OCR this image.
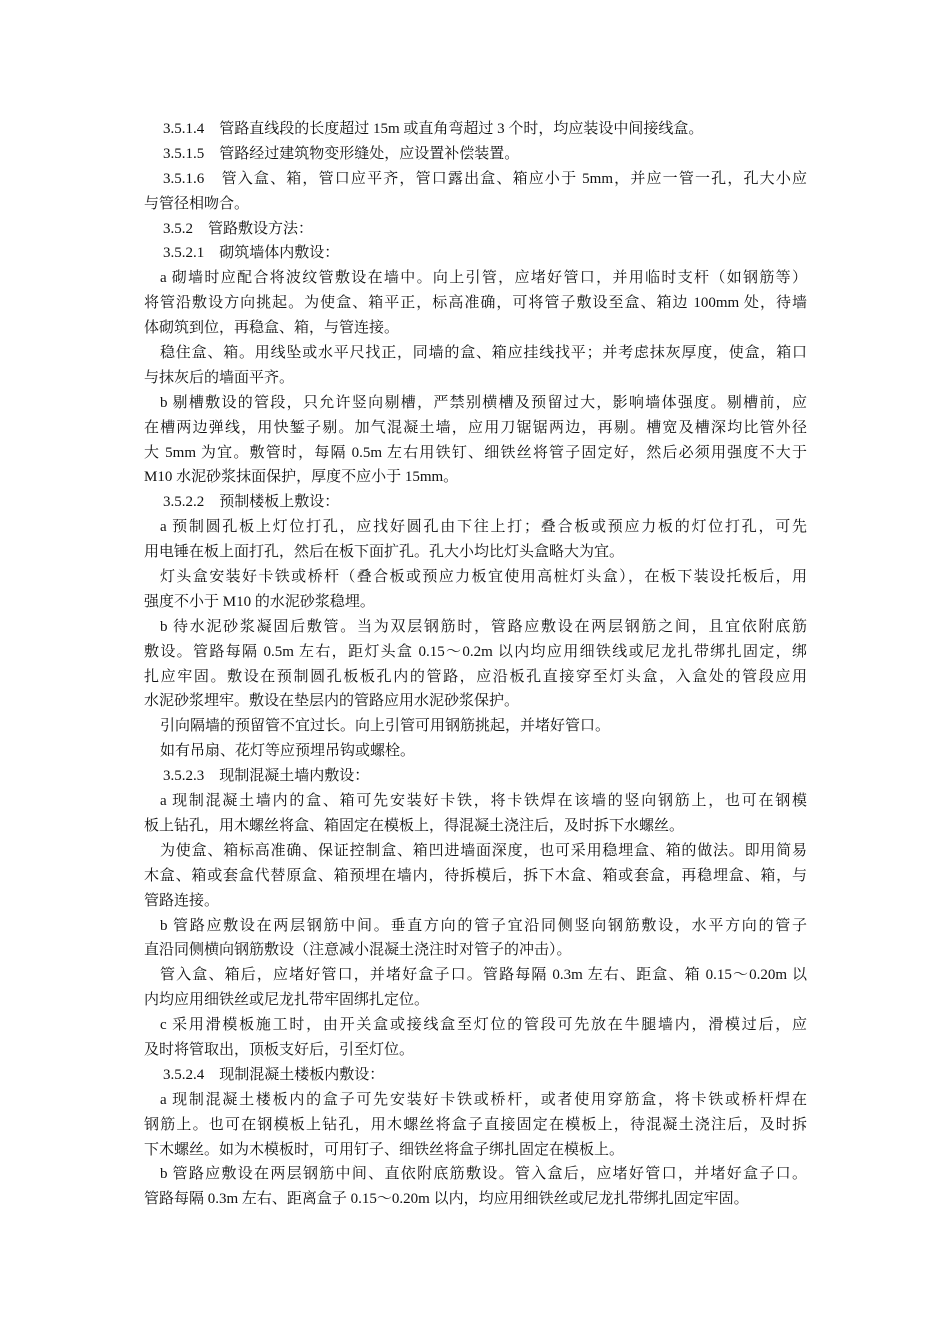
3.5.1.4　管路直线段的长度超过 15m 或直角弯超过 3 个时，均应装设中间接线盒。
3.5.1.5　管路经过建筑物变形缝处，应设置补偿装置。
3.5.1.6　管入盒、箱，管口应平齐，管口露出盒、箱应小于 5mm，并应一管一孔，孔大小应
与管径相吻合。
3.5.2　管路敷设方法：
3.5.2.1　砌筑墙体内敷设：
a 砌墙时应配合将波纹管敷设在墙中。向上引管，应堵好管口，并用临时支杆（如钢筋等）
将管沿敷设方向挑起。为使盒、箱平正，标高准确，可将管子敷设至盒、箱边 100mm 处，待墙
体砌筑到位，再稳盒、箱，与管连接。
稳住盒、箱。用线坠或水平尺找正，同墙的盒、箱应挂线找平；并考虑抹灰厚度，使盒，箱口
与抹灰后的墙面平齐。
b 剔槽敷设的管段，只允许竖向剔槽，严禁别横槽及预留过大，影响墙体强度。剔槽前，应
在槽两边弹线，用快錾子剔。加气混凝土墙，应用刀锯锯两边，再剔。槽宽及槽深均比管外径
大 5mm 为宜。敷管时，每隔 0.5m 左右用铁钉、细铁丝将管子固定好，然后必须用强度不大于
M10 水泥砂浆抹面保护，厚度不应小于 15mm。
3.5.2.2　预制楼板上敷设：
a 预制圆孔板上灯位打孔，应找好圆孔由下往上打；叠合板或预应力板的灯位打孔，可先
用电锤在板上面打孔，然后在板下面扩孔。孔大小均比灯头盒略大为宜。
灯头盒安装好卡铁或桥杆（叠合板或预应力板宜使用高桩灯头盒），在板下装设托板后，用
强度不小于 M10 的水泥砂浆稳埋。
b 待水泥砂浆凝固后敷管。当为双层钢筋时，管路应敷设在两层钢筋之间，且宜依附底筋
敷设。管路每隔 0.5m 左右，距灯头盒 0.15～0.2m 以内均应用细铁线或尼龙扎带绑扎固定，绑
扎应牢固。敷设在预制圆孔板板孔内的管路，应沿板孔直接穿至灯头盒，入盒处的管段应用
水泥砂浆埋牢。敷设在垫层内的管路应用水泥砂浆保护。
引向隔墙的预留管不宜过长。向上引管可用钢筋挑起，并堵好管口。
如有吊扇、花灯等应预埋吊钩或螺栓。
3.5.2.3　现制混凝土墙内敷设：
a 现制混凝土墙内的盒、箱可先安装好卡铁，将卡铁焊在该墙的竖向钢筋上，也可在钢模
板上钻孔，用木螺丝将盒、箱固定在模板上，得混凝土浇注后，及时拆下水螺丝。
为使盒、箱标高准确、保证控制盒、箱凹进墙面深度，也可采用稳埋盒、箱的做法。即用简易
木盒、箱或套盒代替原盒、箱预埋在墙内，待拆模后，拆下木盒、箱或套盒，再稳埋盒、箱，与
管路连接。
b 管路应敷设在两层钢筋中间。垂直方向的管子宜沿同侧竖向钢筋敷设，水平方向的管子
直沿同侧横向钢筋敷设（注意减小混凝土浇注时对管子的冲击）。
管入盒、箱后，应堵好管口，并堵好盒子口。管路每隔 0.3m 左右、距盒、箱 0.15～0.20m 以
内均应用细铁丝或尼龙扎带牢固绑扎定位。
c 采用滑模板施工时，由开关盒或接线盒至灯位的管段可先放在牛腿墙内，滑模过后，应
及时将管取出，顶板支好后，引至灯位。
3.5.2.4　现制混凝土楼板内敷设：
a 现制混凝土楼板内的盒子可先安装好卡铁或桥杆，或者使用穿筋盒，将卡铁或桥杆焊在
钢筋上。也可在钢模板上钻孔，用木螺丝将盒子直接固定在模板上，待混凝土浇注后，及时拆
下木螺丝。如为木模板时，可用钉子、细铁丝将盒子绑扎固定在模板上。
b 管路应敷设在两层钢筋中间、直依附底筋敷设。管入盒后，应堵好管口，并堵好盒子口。
管路每隔 0.3m 左右、距离盒子 0.15～0.20m 以内，均应用细铁丝或尼龙扎带绑扎固定牢固。
